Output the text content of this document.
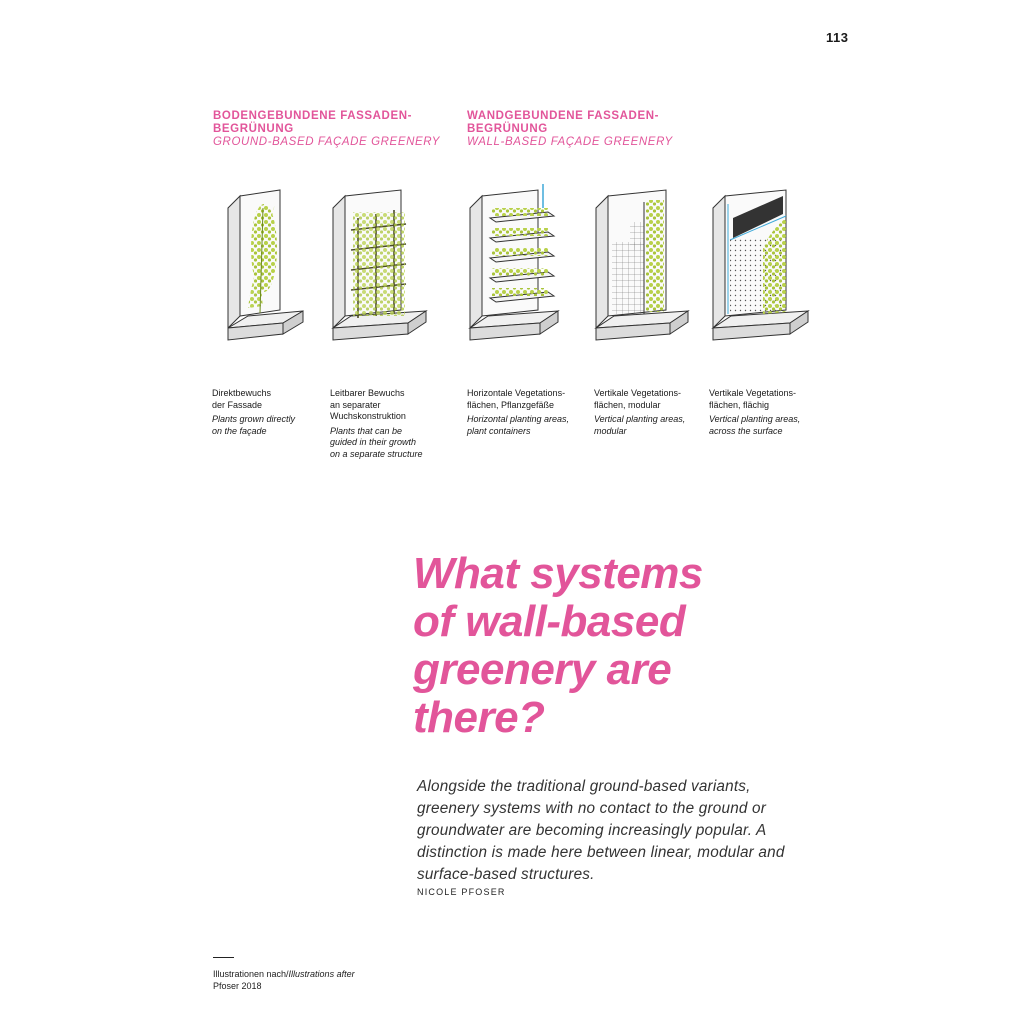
113
BODENGEBUNDENE FASSADEN-
BEGRÜNUNG
GROUND-BASED FAÇADE GREENERY
WANDGEBUNDENE FASSADEN-
BEGRÜNUNG
WALL-BASED FAÇADE GREENERY
Direktbewuchs
der Fassade
Plants grown directly
on the façade
Leitbarer Bewuchs
an separater
Wuchskonstruktion
Plants that can be
guided in their growth
on a separate structure
Horizontale Vegetations-
flächen, Pflanzgefäße
Horizontal planting areas,
plant containers
Vertikale Vegetations-
flächen, modular
Vertical planting areas,
modular
Vertikale Vegetations-
flächen, flächig
Vertical planting areas,
across the surface
What systems
of wall-based
greenery are
there?

Alongside the traditional ground-based variants, greenery systems with no contact to the ground or groundwater are becoming increasingly popular. A distinction is made here between linear, modular and surface-based structures.

NICOLE PFOSER
Illustrationen nach/Illustrations after
Pfoser 2018
